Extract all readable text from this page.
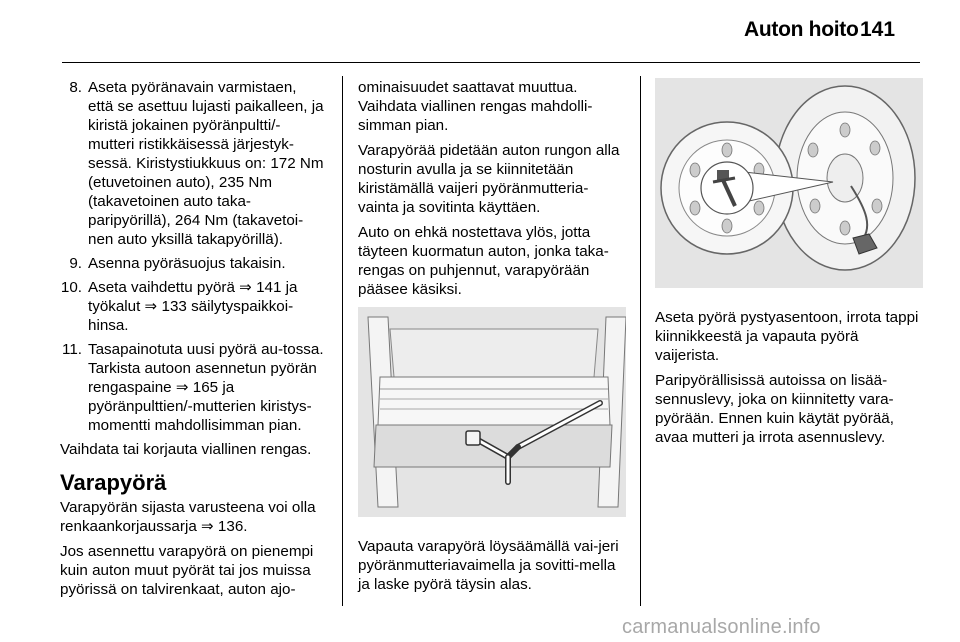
Auton hoito 141
8. Aseta pyöränavain varmistaen, että se asettuu lujasti paikalleen, ja kiristä jokainen pyöränpultti/-mutteri ristikkäisessä järjestyk-sessä. Kiristystiukkuus on: 172 Nm (etuvetoinen auto), 235 Nm (takavetoinen auto taka-paripyörillä), 264 Nm (takavetoi-nen auto yksillä takapyörillä).
9. Asenna pyöräsuojus takaisin.
10. Aseta vaihdettu pyörä ⇒ 141 ja työkalut ⇒ 133 säilytyspaikkoi-hinsa.
11. Tasapainotuta uusi pyörä au-tossa. Tarkista autoon asennetun pyörän rengaspaine ⇒ 165 ja pyöränpulttien/-mutterien kiristys-momentti mahdollisimman pian.

Vaihdata tai korjauta viallinen rengas.

Varapyörä

Varapyörän sijasta varusteena voi olla renkaankorjaussarja ⇒ 136.

Jos asennettu varapyörä on pienempi kuin auton muut pyörät tai jos muissa pyörissä on talvirenkaat, auton ajo-

ominaisuudet saattavat muuttua. Vaihdata viallinen rengas mahdolli-simman pian.

Varapyörää pidetään auton rungon alla nosturin avulla ja se kiinnitetään kiristämällä vaijeri pyöränmutteria-vainta ja sovitinta käyttäen.

Auto on ehkä nostettava ylös, jotta täyteen kuormatun auton, jonka taka-rengas on puhjennut, varapyörään pääsee käsiksi.

Vapauta varapyörä löysäämällä vai-jeri pyöränmutteriavaimella ja sovitti-mella ja laske pyörä täysin alas.

Aseta pyörä pystyasentoon, irrota tappi kiinnikkeestä ja vapauta pyörä vaijerista.

Paripyörällisissä autoissa on lisää-sennuslevy, joka on kiinnitetty vara-pyörään. Ennen kuin käytät pyörää, avaa mutteri ja irrota asennuslevy.

carmanualsonline.info
